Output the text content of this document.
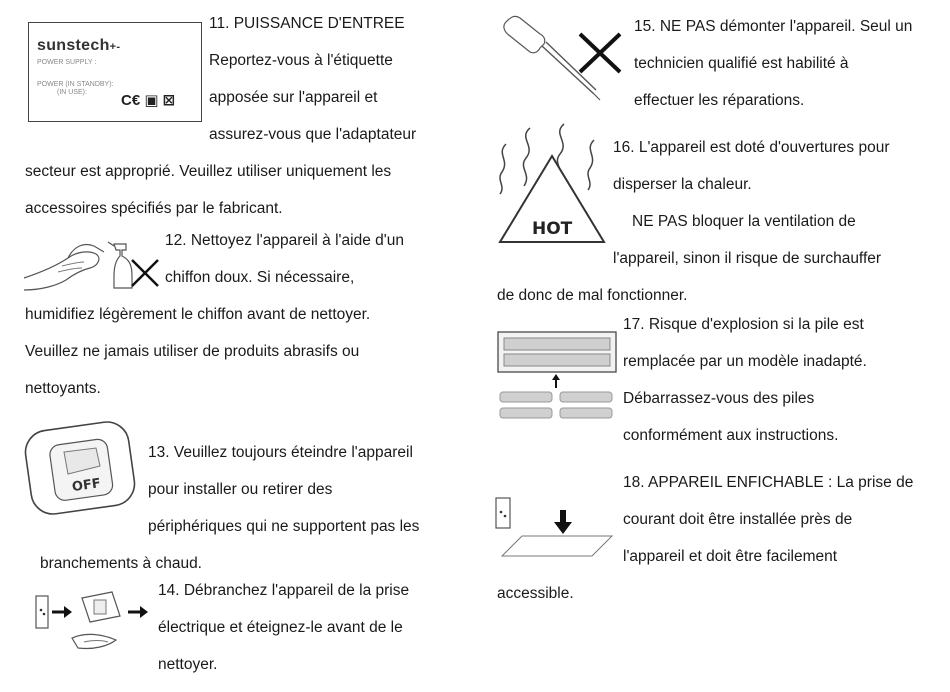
sunstech+-
POWER SUPPLY :
POWER (IN STANDBY):
(IN USE): C€ ▣ ⊠
11. PUISSANCE D'ENTREE
Reportez-vous à l'étiquette
apposée sur l'appareil et
assurez-vous que l'adaptateur
secteur est approprié. Veuillez utiliser uniquement les
accessoires spécifiés par le fabricant.
12. Nettoyez l'appareil à l'aide d'un
chiffon doux. Si nécessaire,
humidifiez légèrement le chiffon avant de nettoyer.
Veuillez ne jamais utiliser de produits abrasifs ou
nettoyants.
OFF
13. Veuillez toujours éteindre l'appareil
pour installer ou retirer des
périphériques qui ne supportent pas les
branchements à chaud.
14. Débranchez l'appareil de la prise
électrique et éteignez-le avant de le
nettoyer.
15. NE PAS démonter l'appareil. Seul un
technicien qualifié est habilité à
effectuer les réparations.
HOT
16. L'appareil est doté d'ouvertures pour
disperser la chaleur.
NE PAS bloquer la ventilation de
l'appareil, sinon il risque de surchauffer
de donc de mal fonctionner.
17. Risque d'explosion si la pile est
remplacée par un modèle inadapté.
Débarrassez-vous des piles
conformément aux instructions.
18. APPAREIL ENFICHABLE : La prise de
courant doit être installée près de
l'appareil et doit être facilement
accessible.
